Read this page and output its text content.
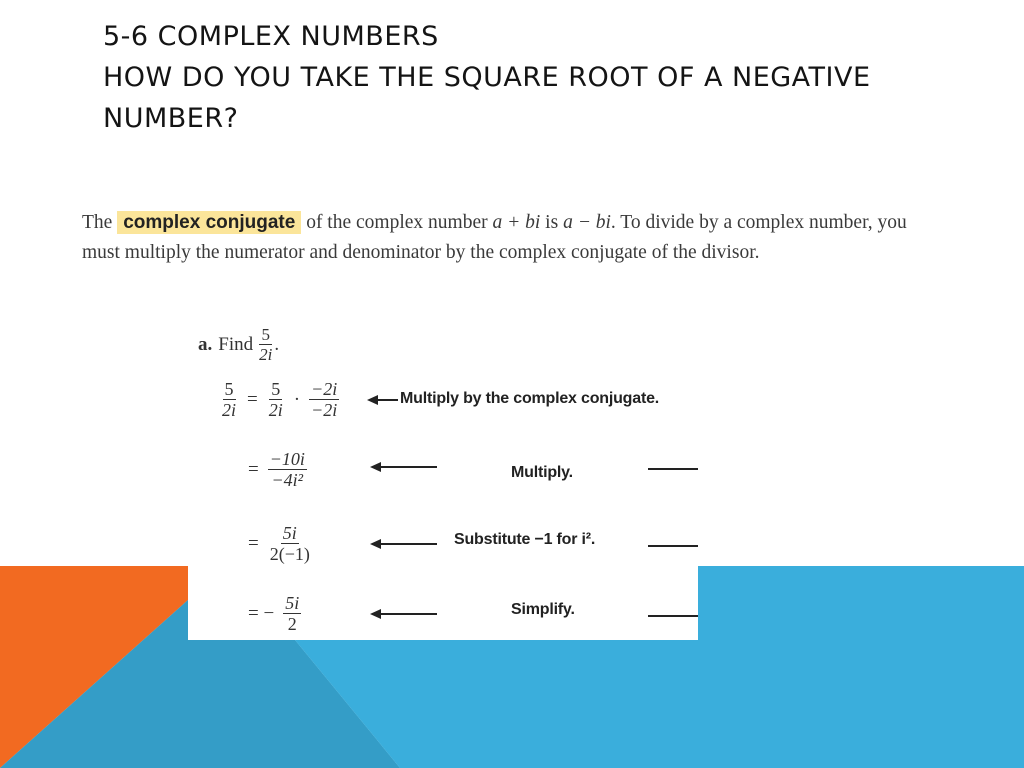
5-6 COMPLEX NUMBERS
HOW DO YOU TAKE THE SQUARE ROOT OF A NEGATIVE NUMBER?
The complex conjugate of the complex number a + bi is a − bi. To divide by a complex number, you must multiply the numerator and denominator by the complex conjugate of the divisor.
a. Find $\frac{5}{2i}$ .
$\frac{5}{2i} = \frac{5}{2i} \cdot \frac{-2i}{-2i}$	Multiply by the complex conjugate.
= $\frac{-10i}{\text{−4i²}}$	Multiply.
= $\frac{5i}{2(-1)}$	Substitute −1 for i².
= − $\frac{5i}{2}$	Simplify.
